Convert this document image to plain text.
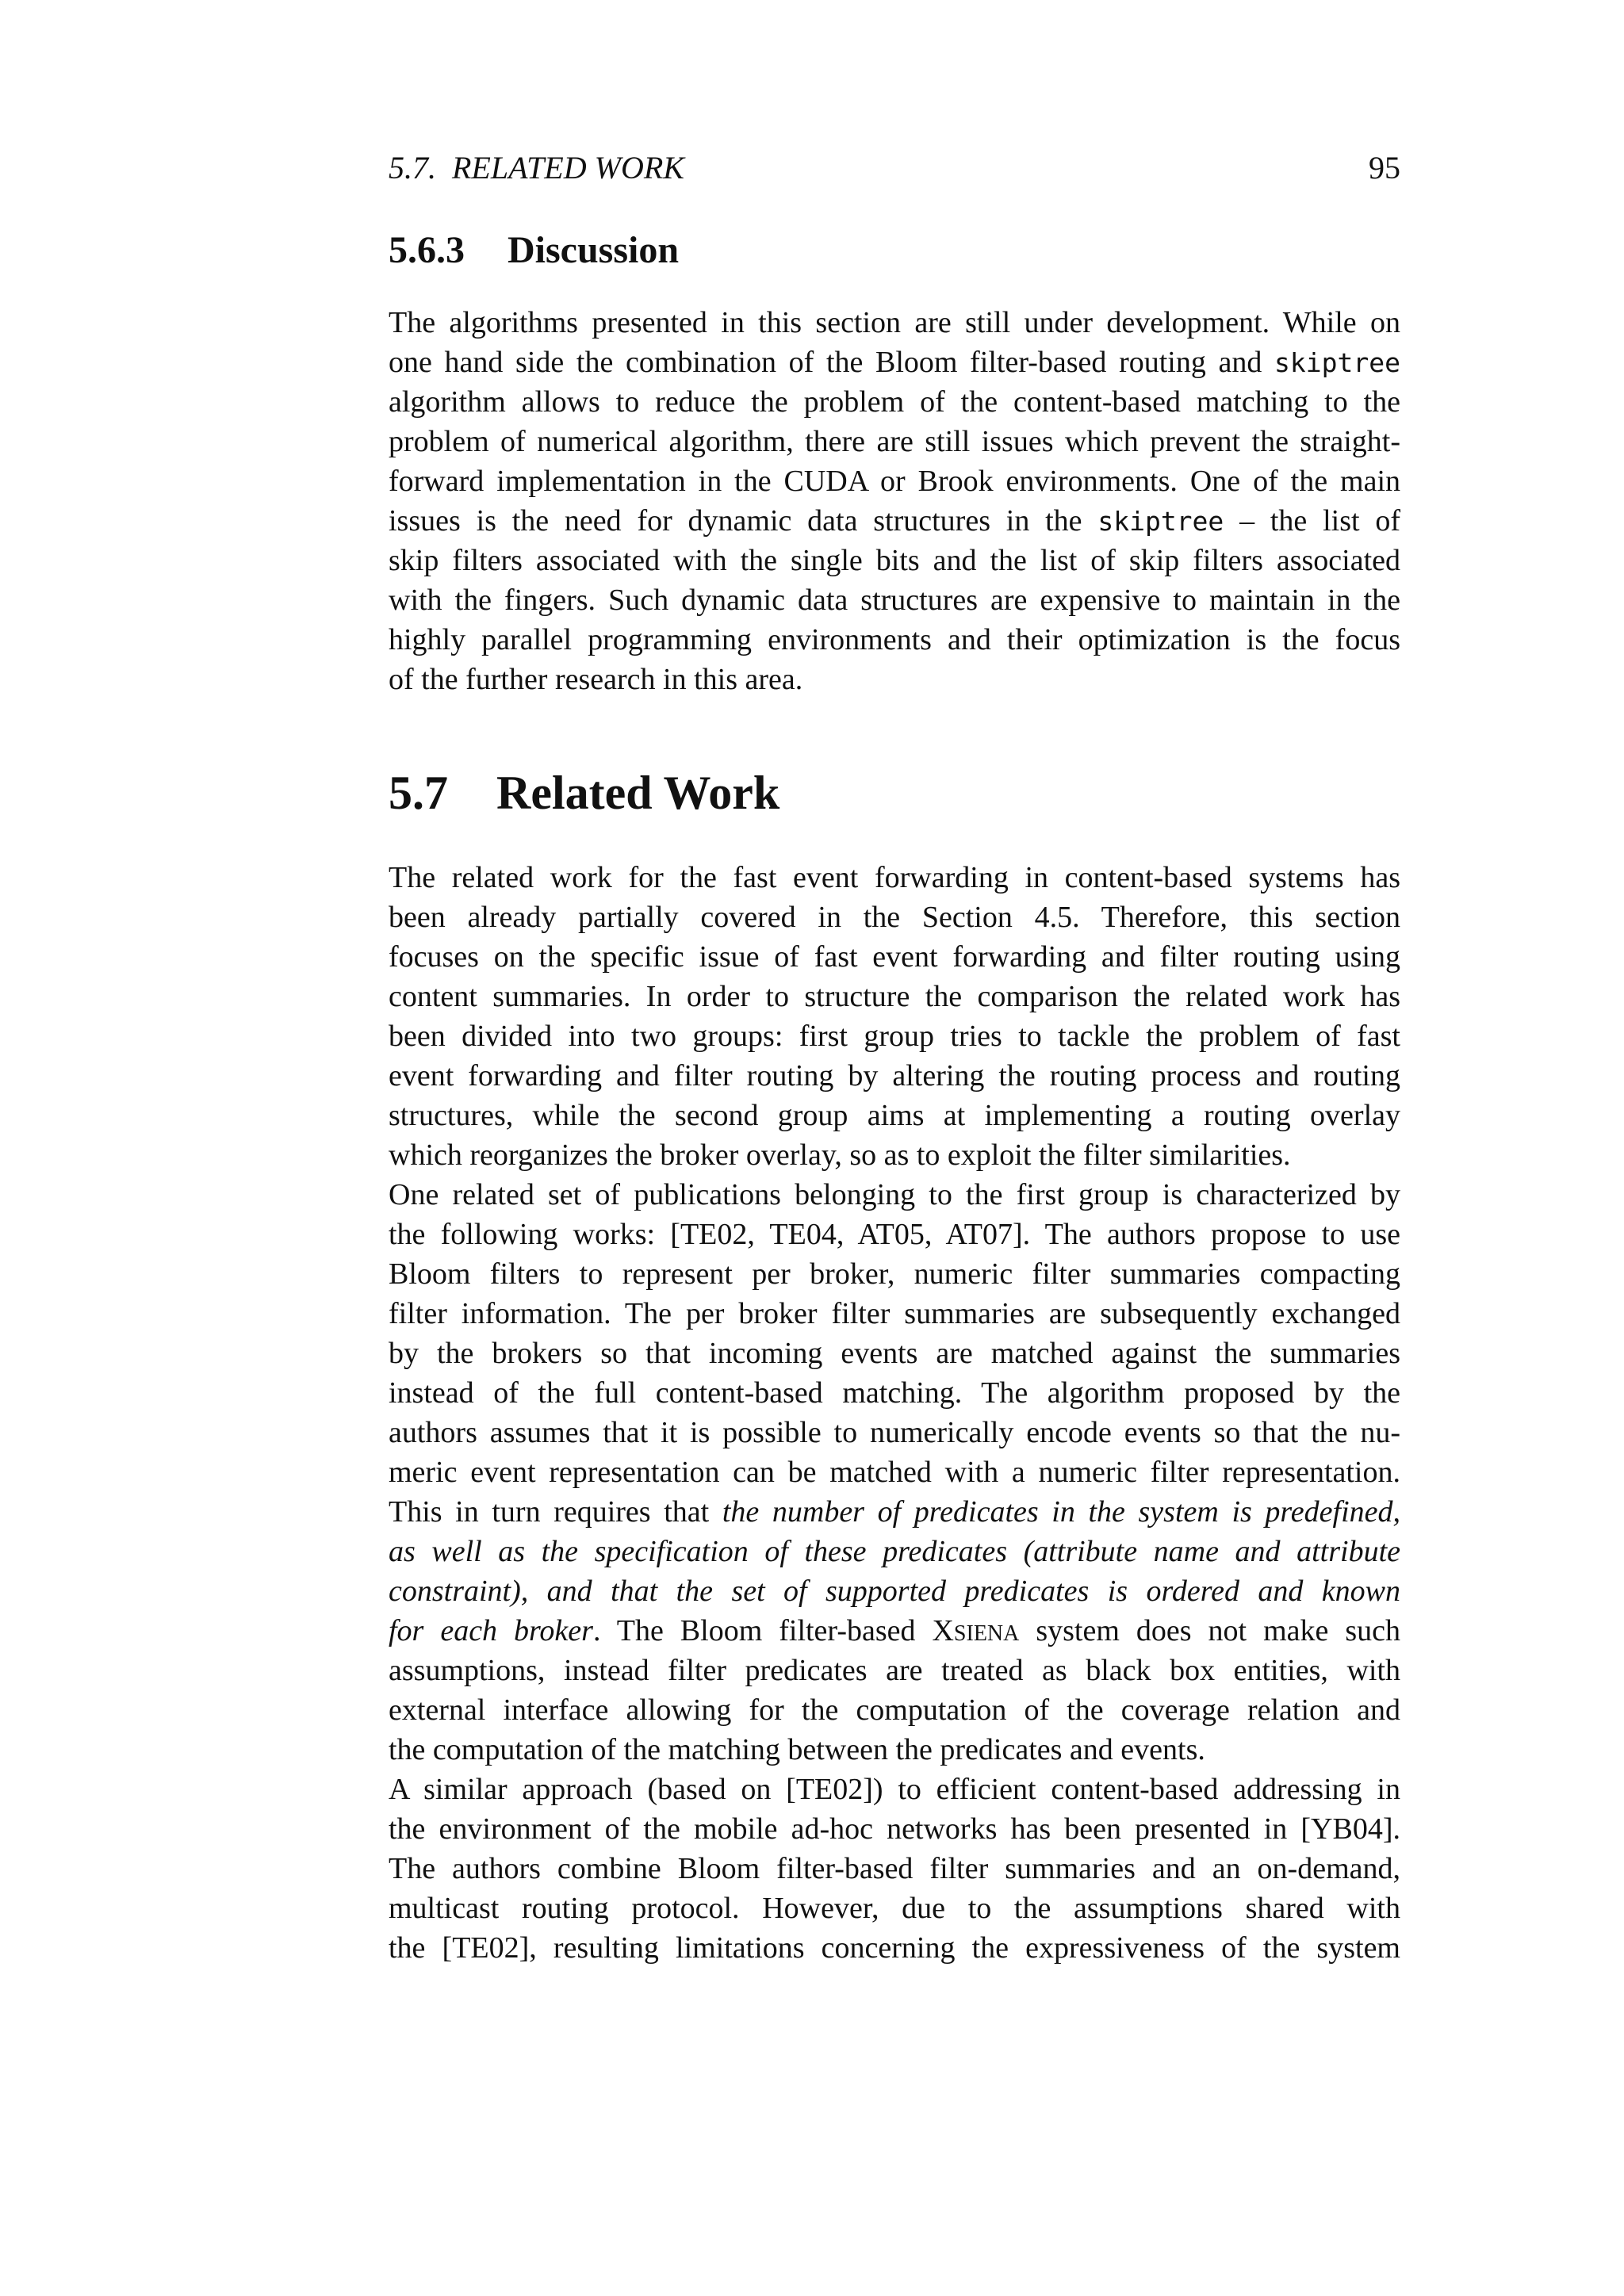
5.7.  RELATED WORK	95
5.6.3 Discussion
The algorithms presented in this section are still under development. While on
one hand side the combination of the Bloom filter-based routing and skiptree
algorithm allows to reduce the problem of the content-based matching to the
problem of numerical algorithm, there are still issues which prevent the straight-
forward implementation in the CUDA or Brook environments. One of the main
issues is the need for dynamic data structures in the skiptree – the list of
skip filters associated with the single bits and the list of skip filters associated
with the fingers. Such dynamic data structures are expensive to maintain in the
highly parallel programming environments and their optimization is the focus
of the further research in this area.
5.7 Related Work
The related work for the fast event forwarding in content-based systems has
been already partially covered in the Section 4.5. Therefore, this section
focuses on the specific issue of fast event forwarding and filter routing using
content summaries. In order to structure the comparison the related work has
been divided into two groups: first group tries to tackle the problem of fast
event forwarding and filter routing by altering the routing process and routing
structures, while the second group aims at implementing a routing overlay
which reorganizes the broker overlay, so as to exploit the filter similarities.
One related set of publications belonging to the first group is characterized by
the following works: [TE02, TE04, AT05, AT07]. The authors propose to use
Bloom filters to represent per broker, numeric filter summaries compacting
filter information. The per broker filter summaries are subsequently exchanged
by the brokers so that incoming events are matched against the summaries
instead of the full content-based matching. The algorithm proposed by the
authors assumes that it is possible to numerically encode events so that the nu-
meric event representation can be matched with a numeric filter representation.
This in turn requires that the number of predicates in the system is predefined,
as well as the specification of these predicates (attribute name and attribute
constraint), and that the set of supported predicates is ordered and known
for each broker. The Bloom filter-based XSIENA system does not make such
assumptions, instead filter predicates are treated as black box entities, with
external interface allowing for the computation of the coverage relation and
the computation of the matching between the predicates and events.
A similar approach (based on [TE02]) to efficient content-based addressing in
the environment of the mobile ad-hoc networks has been presented in [YB04].
The authors combine Bloom filter-based filter summaries and an on-demand,
multicast routing protocol. However, due to the assumptions shared with
the [TE02], resulting limitations concerning the expressiveness of the system
